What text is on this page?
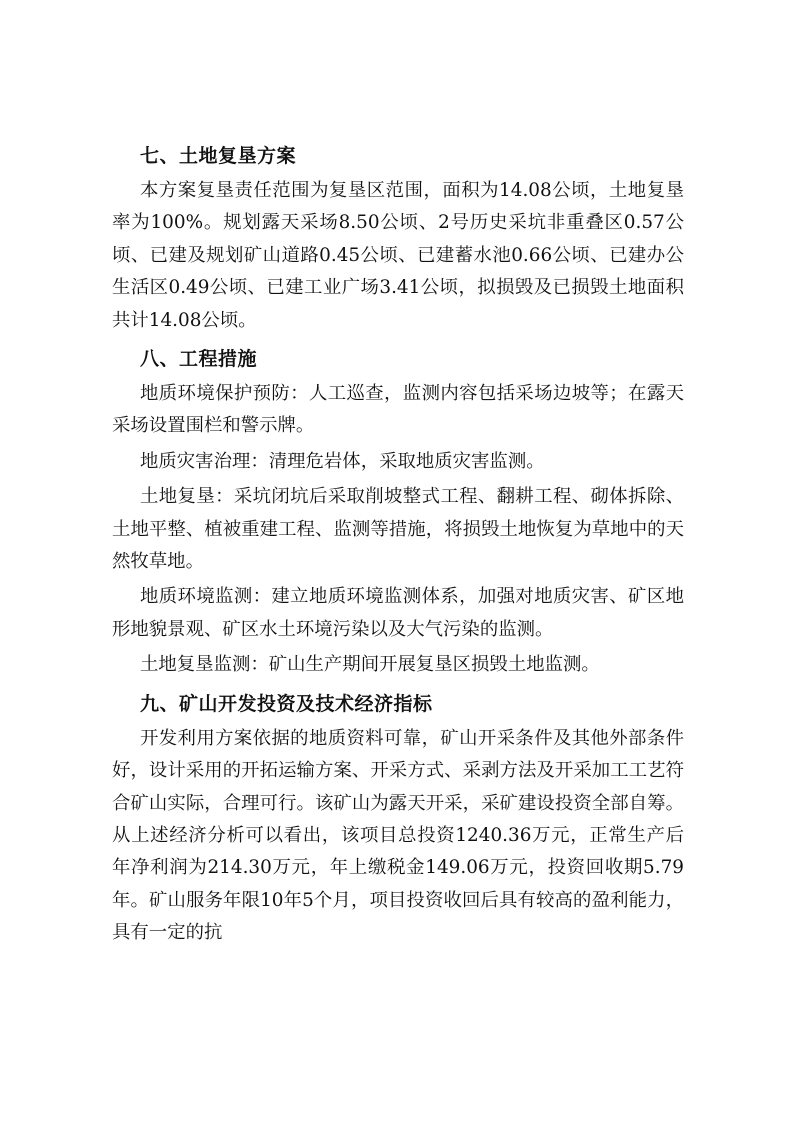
七、土地复垦方案

本方案复垦责任范围为复垦区范围，面积为14.08公顷，土地复垦率为100%。规划露天采场8.50公顷、2号历史采坑非重叠区0.57公顷、已建及规划矿山道路0.45公顷、已建蓄水池0.66公顷、已建办公生活区0.49公顷、已建工业广场3.41公顷，拟损毁及已损毁土地面积共计14.08公顷。

八、工程措施

地质环境保护预防：人工巡查，监测内容包括采场边坡等；在露天采场设置围栏和警示牌。

地质灾害治理：清理危岩体，采取地质灾害监测。

土地复垦：采坑闭坑后采取削坡整式工程、翻耕工程、砌体拆除、土地平整、植被重建工程、监测等措施，将损毁土地恢复为草地中的天然牧草地。

地质环境监测：建立地质环境监测体系，加强对地质灾害、矿区地形地貌景观、矿区水土环境污染以及大气污染的监测。

土地复垦监测：矿山生产期间开展复垦区损毁土地监测。

九、矿山开发投资及技术经济指标

开发利用方案依据的地质资料可靠，矿山开采条件及其他外部条件好，设计采用的开拓运输方案、开采方式、采剥方法及开采加工工艺符合矿山实际，合理可行。该矿山为露天开采，采矿建设投资全部自筹。从上述经济分析可以看出，该项目总投资1240.36万元，正常生产后年净利润为214.30万元，年上缴税金149.06万元，投资回收期5.79年。矿山服务年限10年5个月，项目投资收回后具有较高的盈利能力，具有一定的抗
